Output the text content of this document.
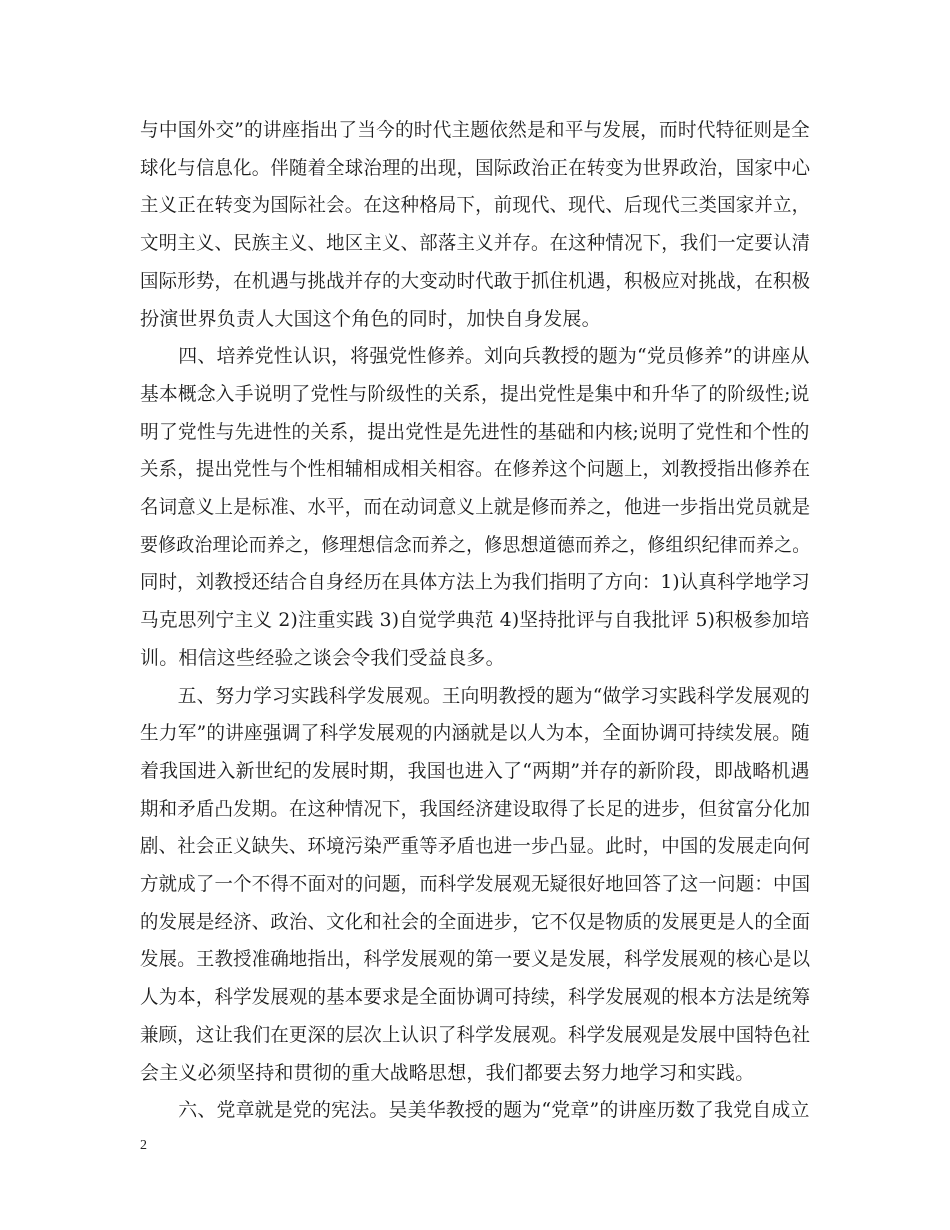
与中国外交”的讲座指出了当今的时代主题依然是和平与发展，而时代特征则是全
球化与信息化。伴随着全球治理的出现，国际政治正在转变为世界政治，国家中心
主义正在转变为国际社会。在这种格局下，前现代、现代、后现代三类国家并立，
文明主义、民族主义、地区主义、部落主义并存。在这种情况下，我们一定要认清
国际形势，在机遇与挑战并存的大变动时代敢于抓住机遇，积极应对挑战，在积极
扮演世界负责人大国这个角色的同时，加快自身发展。
　　四、培养党性认识，将强党性修养。刘向兵教授的题为“党员修养”的讲座从
基本概念入手说明了党性与阶级性的关系，提出党性是集中和升华了的阶级性;说
明了党性与先进性的关系，提出党性是先进性的基础和内核;说明了党性和个性的
关系，提出党性与个性相辅相成相关相容。在修养这个问题上，刘教授指出修养在
名词意义上是标准、水平，而在动词意义上就是修而养之，他进一步指出党员就是
要修政治理论而养之，修理想信念而养之，修思想道德而养之，修组织纪律而养之。
同时，刘教授还结合自身经历在具体方法上为我们指明了方向：1)认真科学地学习
马克思列宁主义 2)注重实践 3)自觉学典范 4)坚持批评与自我批评 5)积极参加培
训。相信这些经验之谈会令我们受益良多。
　　五、努力学习实践科学发展观。王向明教授的题为“做学习实践科学发展观的
生力军”的讲座强调了科学发展观的内涵就是以人为本，全面协调可持续发展。随
着我国进入新世纪的发展时期，我国也进入了“两期”并存的新阶段，即战略机遇
期和矛盾凸发期。在这种情况下，我国经济建设取得了长足的进步，但贫富分化加
剧、社会正义缺失、环境污染严重等矛盾也进一步凸显。此时，中国的发展走向何
方就成了一个不得不面对的问题，而科学发展观无疑很好地回答了这一问题：中国
的发展是经济、政治、文化和社会的全面进步，它不仅是物质的发展更是人的全面
发展。王教授准确地指出，科学发展观的第一要义是发展，科学发展观的核心是以
人为本，科学发展观的基本要求是全面协调可持续，科学发展观的根本方法是统筹
兼顾，这让我们在更深的层次上认识了科学发展观。科学发展观是发展中国特色社
会主义必须坚持和贯彻的重大战略思想，我们都要去努力地学习和实践。
　　六、党章就是党的宪法。吴美华教授的题为“党章”的讲座历数了我党自成立
2
